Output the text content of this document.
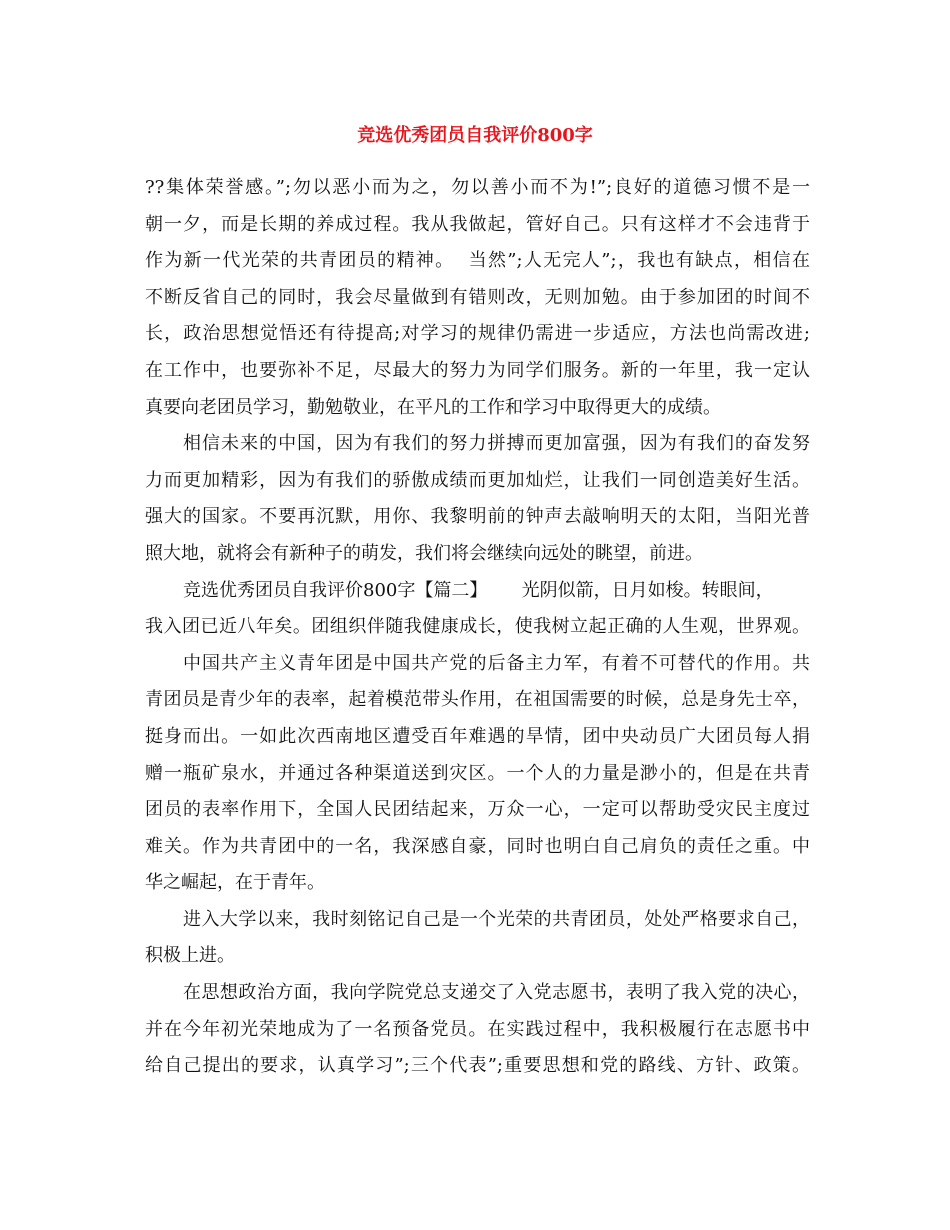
竞选优秀团员自我评价800字
??集体荣誉感。”;勿以恶小而为之，勿以善小而不为!”;良好的道德习惯不是一
朝一夕，而是长期的养成过程。我从我做起，管好自己。只有这样才不会违背于
作为新一代光荣的共青团员的精神。  当然”;人无完人”;，我也有缺点，相信在
不断反省自己的同时，我会尽量做到有错则改，无则加勉。由于参加团的时间不
长，政治思想觉悟还有待提高;对学习的规律仍需进一步适应，方法也尚需改进;
在工作中，也要弥补不足，尽最大的努力为同学们服务。新的一年里，我一定认
真要向老团员学习，勤勉敬业，在平凡的工作和学习中取得更大的成绩。
相信未来的中国，因为有我们的努力拼搏而更加富强，因为有我们的奋发努
力而更加精彩，因为有我们的骄傲成绩而更加灿烂，让我们一同创造美好生活。
强大的国家。不要再沉默，用你、我黎明前的钟声去敲响明天的太阳，当阳光普
照大地，就将会有新种子的萌发，我们将会继续向远处的眺望，前进。
竞选优秀团员自我评价800字【篇二】      光阴似箭，日月如梭。转眼间，
我入团已近八年矣。团组织伴随我健康成长，使我树立起正确的人生观，世界观。
中国共产主义青年团是中国共产党的后备主力军，有着不可替代的作用。共
青团员是青少年的表率，起着模范带头作用，在祖国需要的时候，总是身先士卒，
挺身而出。一如此次西南地区遭受百年难遇的旱情，团中央动员广大团员每人捐
赠一瓶矿泉水，并通过各种渠道送到灾区。一个人的力量是渺小的，但是在共青
团员的表率作用下，全国人民团结起来，万众一心，一定可以帮助受灾民主度过
难关。作为共青团中的一名，我深感自豪，同时也明白自己肩负的责任之重。中
华之崛起，在于青年。
进入大学以来，我时刻铭记自己是一个光荣的共青团员，处处严格要求自己，
积极上进。
在思想政治方面，我向学院党总支递交了入党志愿书，表明了我入党的决心，
并在今年初光荣地成为了一名预备党员。在实践过程中，我积极履行在志愿书中
给自己提出的要求，认真学习”;三个代表”;重要思想和党的路线、方针、政策。
